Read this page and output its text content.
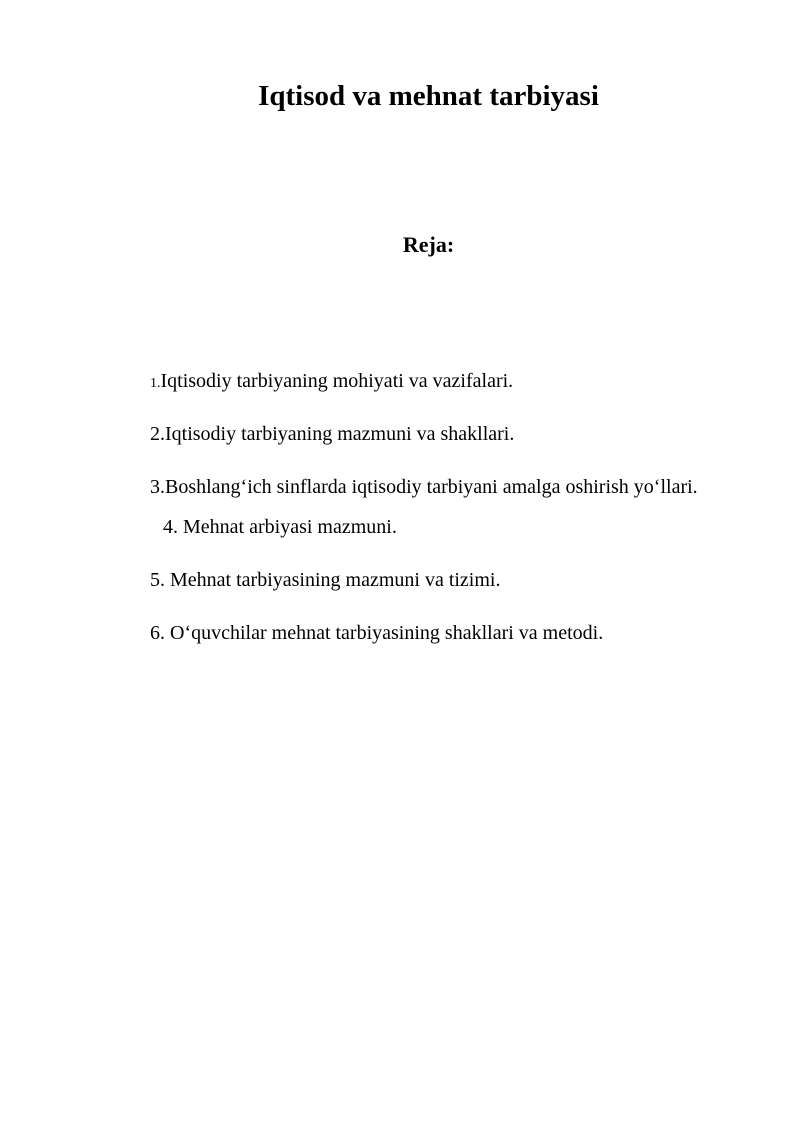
Iqtisod va mehnat tarbiyasi
Reja:
1.Iqtisodiy tarbiyaning mohiyati va vazifalari.
2.Iqtisodiy tarbiyaning mazmuni va shakllari.
3.Boshlang‘ich sinflarda iqtisodiy tarbiyani amalga oshirish yo‘llari.
4. Mehnat arbiyasi mazmuni.
5. Mehnat tarbiyasining mazmuni va tizimi.
6. O‘quvchilar mehnat tarbiyasining shakllari va metodi.
